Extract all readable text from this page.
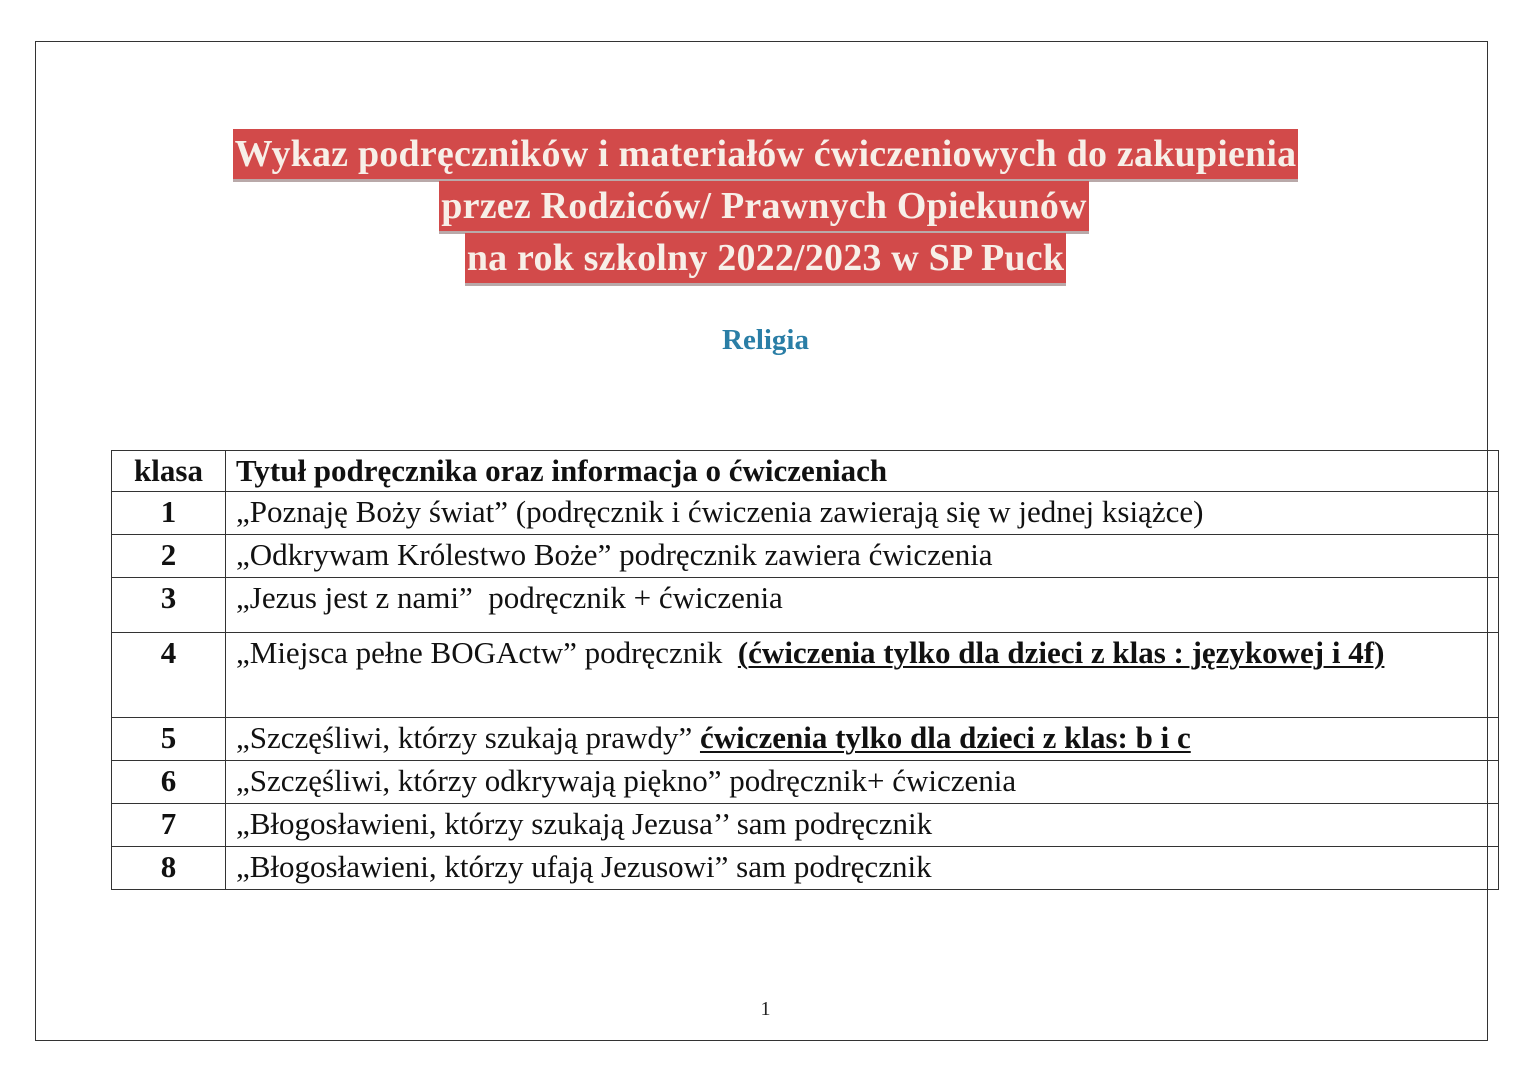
Wykaz podręczników i materiałów ćwiczeniowych do zakupienia
przez Rodziców/ Prawnych Opiekunów
na rok szkolny 2022/2023 w SP Puck
Religia
klasa	Tytuł podręcznika oraz informacja o ćwiczeniach
1	„Poznaję Boży świat” (podręcznik i ćwiczenia zawierają się w jednej książce)
2	„Odkrywam Królestwo Boże” podręcznik zawiera ćwiczenia
3	„Jezus jest z nami”  podręcznik + ćwiczenia
4	„Miejsca pełne BOGActw” podręcznik  (ćwiczenia tylko dla dzieci z klas : językowej i 4f)
5	„Szczęśliwi, którzy szukają prawdy” ćwiczenia tylko dla dzieci z klas: b i c
6	„Szczęśliwi, którzy odkrywają piękno” podręcznik+ ćwiczenia
7	„Błogosławieni, którzy szukają Jezusa’’ sam podręcznik
8	„Błogosławieni, którzy ufają Jezusowi” sam podręcznik
1
